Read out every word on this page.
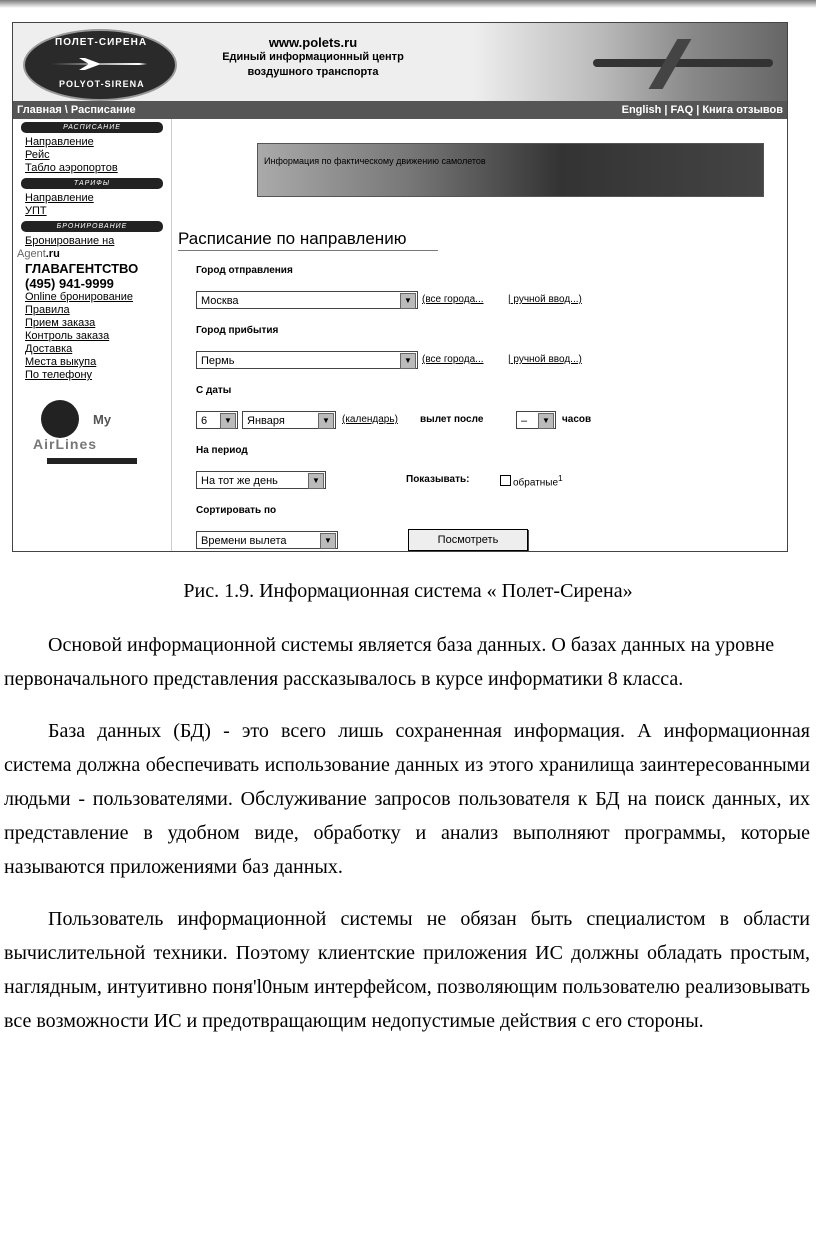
ПОЛЕТ-СИРЕНА
POLYOT-SIRENA
www.polets.ru
Единый информационный центр
воздушного транспорта
Главная \ Расписание	English | FAQ | Книга отзывов
РАСПИСАНИЕ
Направление
Рейс
Табло аэропортов
ТАРИФЫ
Направление
УПТ
БРОНИРОВАНИЕ
Бронирование на
Agent.ru
ГЛАВАГЕНТСТВО
(495) 941-9999
Online бронирование
Правила
Прием заказа
Контроль заказа
Доставка
Места выкупа
По телефону
My
AirLines
Информация по фактическому движению самолетов
Расписание по направлению
Город отправления
Москва	▼	(все города... | ручной ввод...)
Город прибытия
Пермь	▼	(все города... | ручной ввод...)
С даты
6	▼	Января	▼	(календарь) вылет после	–	▼	часов
На период
На тот же день	▼	Показывать:	обратные$^1$
Сортировать по
Времени вылета	▼	Посмотреть
Рис. 1.9. Информационная система « Полет-Сирена»

Основой информационной системы является база данных. О базах данных на уровне первоначального представления рассказывалось в курсе информатики 8 класса.

База данных (БД) - это всего лишь сохраненная информация. А информационная система должна обеспечивать использование данных из этого хранилища заинтересованными людьми - пользователями. Обслуживание запросов пользователя к БД на поиск данных, их представление в удобном виде, обработку и анализ выполняют программы, которые называются приложениями баз данных.

Пользователь информационной системы не обязан быть специалистом в области вычислительной техники. Поэтому клиентские приложения ИС должны обладать простым, наглядным, интуитивно поня'l0ным интерфейсом, позволяющим пользователю реализовывать все возможности ИС и предотвращающим недопустимые действия с его стороны.
